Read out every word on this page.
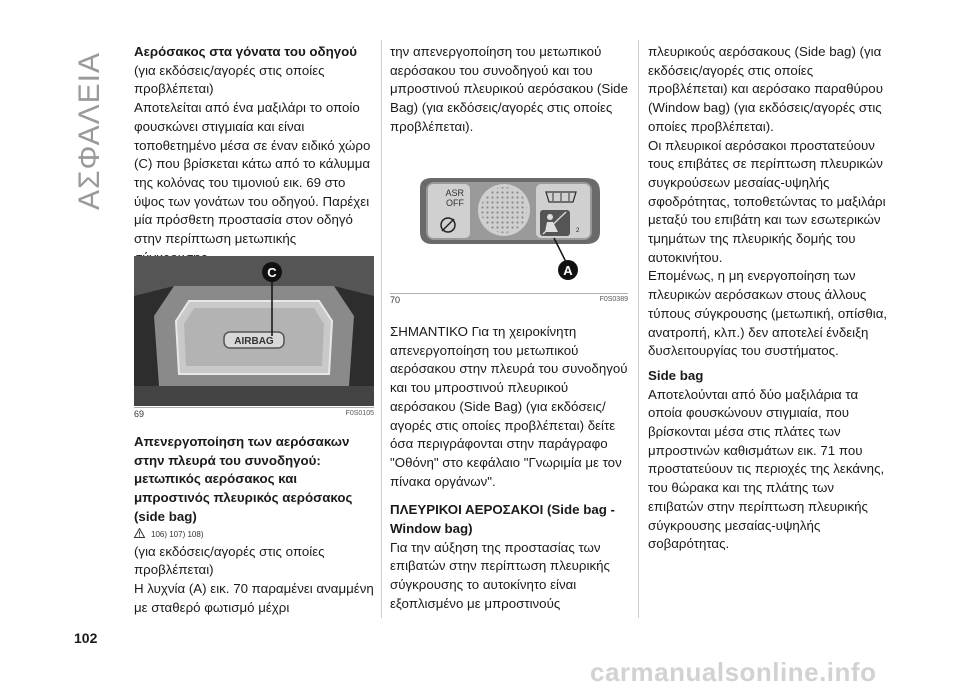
ΑΣΦΑΛΕΙΑ
Αερόσακος στα γόνατα του οδηγού

(για εκδόσεις/αγορές στις οποίες προβλέπεται)

Αποτελείται από ένα μαξιλάρι το οποίο φουσκώνει στιγμιαία και είναι τοποθετημένο μέσα σε έναν ειδικό χώρο (C) που βρίσκεται κάτω από το κάλυμμα της κολόνας του τιμονιού εικ. 69 στο ύψος των γονάτων του οδηγού. Παρέχει μία πρόσθετη προστασία στον οδηγό στην περίπτωση μετωπικής

AIRBAG
C
69	F0S0105
Απενεργοποίηση των αερόσακων στην πλευρά του συνοδηγού: μετωπικός αερόσακος και μπροστινός πλευρικός αερόσακος (side bag)
106) 107) 108)

(για εκδόσεις/αγορές στις οποίες προβλέπεται)

Η λυχνία (A) εικ. 70 παραμένει αναμμένη με σταθερό φωτισμό μέχρι

την απενεργοποίηση του μετωπικού αερόσακου του συνοδηγού και του μπροστινού πλευρικού αερόσακου (Side Bag) (για εκδόσεις/αγορές στις οποίες προβλέπεται).

ASR
OFF
2
A
70	F0S0389

ΣΗΜΑΝΤΙΚΟ Για τη χειροκίνητη απενεργοποίηση του μετωπικού αερόσακου στην πλευρά του συνοδηγού και του μπροστινού πλευρικού αερόσακου (Side Bag) (για εκδόσεις/αγορές στις οποίες προβλέπεται) δείτε όσα περιγράφονται στην παράγραφο "Οθόνη" στο κεφάλαιο "Γνωριμία με τον πίνακα οργάνων".

ΠΛΕΥΡΙΚΟΙ ΑΕΡΟΣΑΚΟΙ (Side bag - Window bag)

Για την αύξηση της προστασίας των επιβατών στην περίπτωση πλευρικής σύγκρουσης το αυτοκίνητο είναι εξοπλισμένο με μπροστινούς

πλευρικούς αερόσακους (Side bag) (για εκδόσεις/αγορές στις οποίες προβλέπεται) και αερόσακο παραθύρου (Window bag) (για εκδόσεις/αγορές στις οποίες προβλέπεται).

Οι πλευρικοί αερόσακοι προστατεύουν τους επιβάτες σε περίπτωση πλευρικών συγκρούσεων μεσαίας-υψηλής σφοδρότητας, τοποθετώντας το μαξιλάρι μεταξύ του επιβάτη και των εσωτερικών τμημάτων της πλευρικής δομής του αυτοκινήτου.

Επομένως, η μη ενεργοποίηση των πλευρικών αερόσακων στους άλλους τύπους σύγκρουσης (μετωπική, οπίσθια, ανατροπή, κλπ.) δεν αποτελεί ένδειξη δυσλειτουργίας του συστήματος.

Side bag

Αποτελούνται από δύο μαξιλάρια τα οποία φουσκώνουν στιγμιαία, που βρίσκονται μέσα στις πλάτες των μπροστινών καθισμάτων εικ. 71 που προστατεύουν τις περιοχές της λεκάνης, του θώρακα και της πλάτης των επιβατών στην περίπτωση πλευρικής σύγκρουσης μεσαίας-υψηλής σοβαρότητας.

102
carmanualsonline.info
